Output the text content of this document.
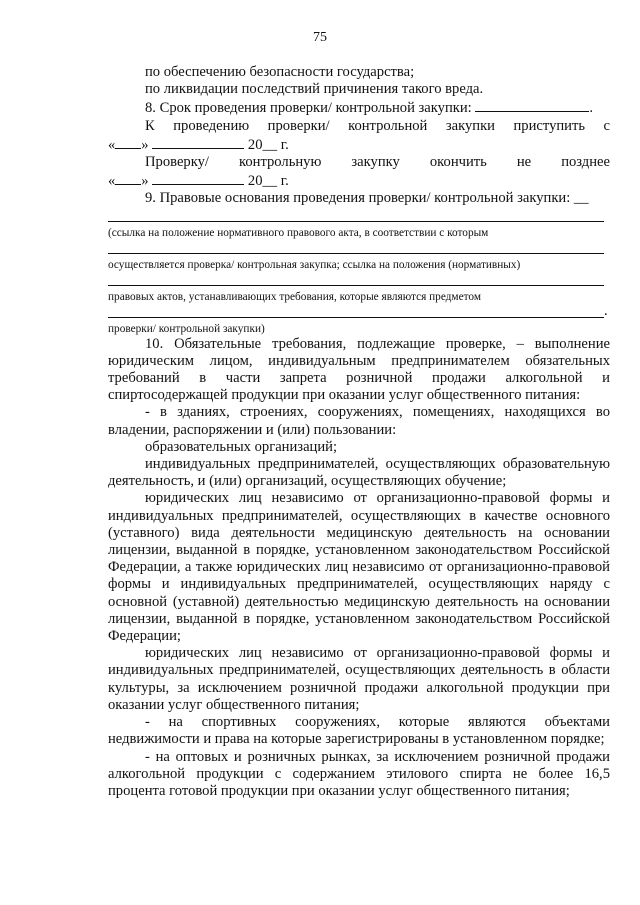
75

по обеспечению безопасности государства;

по ликвидации последствий причинения такого вреда.

8. Срок проведения проверки/ контрольной закупки:	.

К проведению проверки/ контрольной закупки приступить с

« »	20__ г.

Проверку/ контрольную закупку окончить не позднее

« »	20__ г.

9. Правовые основания проведения проверки/ контрольной закупки: __

(ссылка на положение нормативного правового акта, в соответствии с которым

осуществляется проверка/ контрольная закупка; ссылка на положения (нормативных)

правовых актов, устанавливающих требования, которые являются предметом

.

проверки/ контрольной закупки)

10. Обязательные требования, подлежащие проверке, – выполнение юридическим лицом, индивидуальным предпринимателем обязательных требований в части запрета розничной продажи алкогольной и спиртосодержащей продукции при оказании услуг общественного питания:

- в зданиях, строениях, сооружениях, помещениях, находящихся во владении, распоряжении и (или) пользовании:

образовательных организаций;

индивидуальных предпринимателей, осуществляющих образовательную деятельность, и (или) организаций, осуществляющих обучение;

юридических лиц независимо от организационно-правовой формы и индивидуальных предпринимателей, осуществляющих в качестве основного (уставного) вида деятельности медицинскую деятельность на основании лицензии, выданной в порядке, установленном законодательством Российской Федерации, а также юридических лиц независимо от организационно-правовой формы и индивидуальных предпринимателей, осуществляющих наряду с основной (уставной) деятельностью медицинскую деятельность на основании лицензии, выданной в порядке, установленном законодательством Российской Федерации;

юридических лиц независимо от организационно-правовой формы и индивидуальных предпринимателей, осуществляющих деятельность в области культуры, за исключением розничной продажи алкогольной продукции при оказании услуг общественного питания;

- на спортивных сооружениях, которые являются объектами недвижимости и права на которые зарегистрированы в установленном порядке;

- на оптовых и розничных рынках, за исключением розничной продажи алкогольной продукции с содержанием этилового спирта не более 16,5 процента готовой продукции при оказании услуг общественного питания;
